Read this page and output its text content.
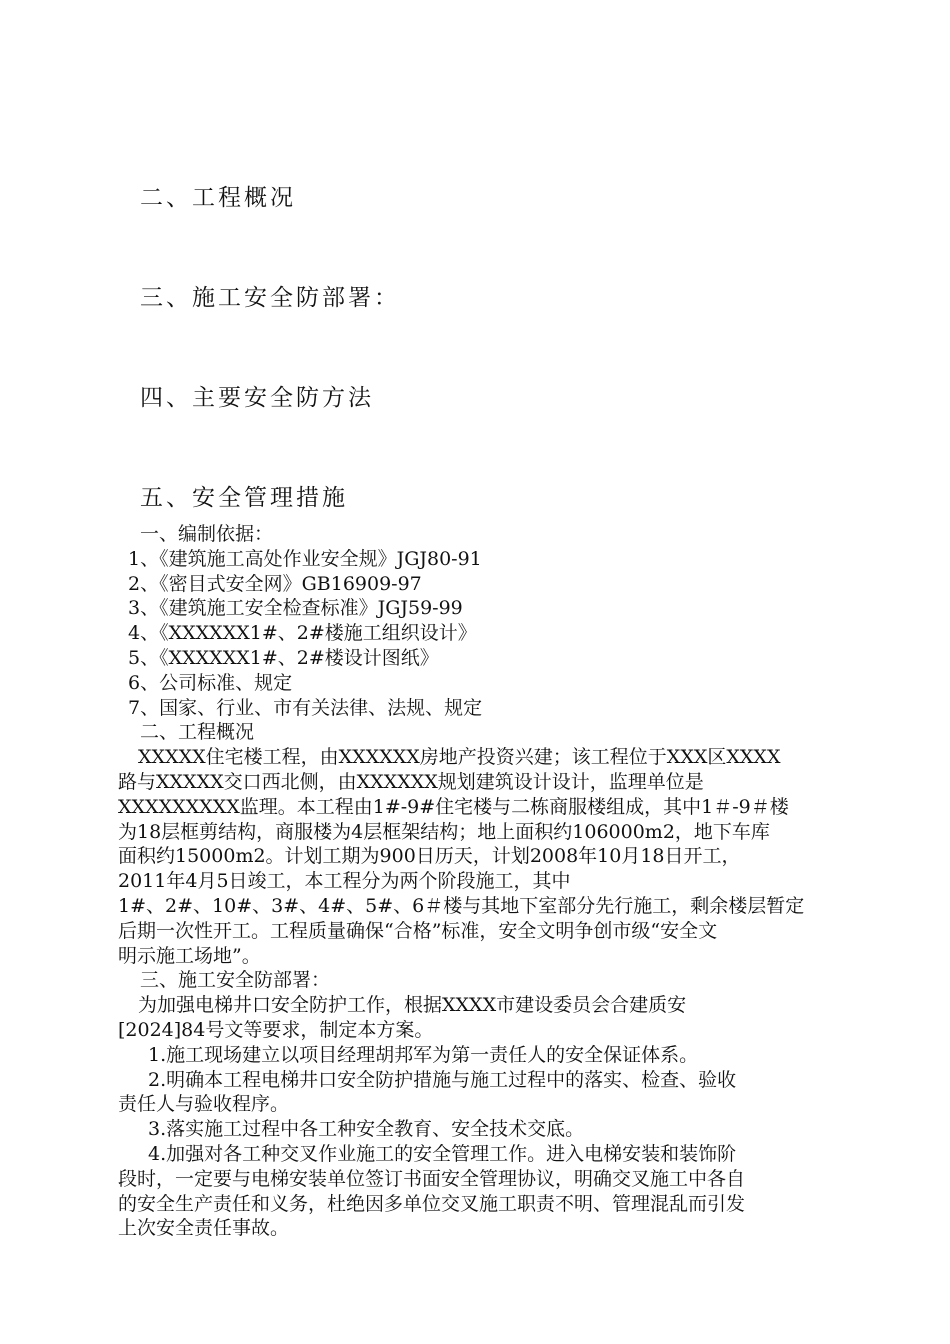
二、工程概况
三、施工安全防部署：
四、主要安全防方法
五、安全管理措施
一、编制依据：
1、《建筑施工高处作业安全规》JGJ80-91
2、《密目式安全网》GB16909-97
3、《建筑施工安全检查标准》JGJ59-99
4、《XXXXXX1#、2#楼施工组织设计》
5、《XXXXXX1#、2#楼设计图纸》
6、公司标准、规定
7、国家、行业、市有关法律、法规、规定
二、工程概况
XXXXX住宅楼工程，由XXXXXX房地产投资兴建；该工程位于XXX区XXXX
路与XXXXX交口西北侧，由XXXXXX规划建筑设计设计，监理单位是
XXXXXXXXX监理。本工程由1#-9#住宅楼与二栋商服楼组成，其中1＃-9＃楼
为18层框剪结构，商服楼为4层框架结构；地上面积约106000m2，地下车库
面积约15000m2。计划工期为900日历天，计划2008年10月18日开工，
2011年4月5日竣工，本工程分为两个阶段施工，其中
1#、2#、10#、3#、4#、5#、6＃楼与其地下室部分先行施工，剩余楼层暂定
后期一次性开工。工程质量确保“合格”标准，安全文明争创市级“安全文
明示施工场地”。
三、施工安全防部署：
为加强电梯井口安全防护工作，根据XXXX市建设委员会合建质安
[2024]84号文等要求，制定本方案。
1.施工现场建立以项目经理胡邦军为第一责任人的安全保证体系。
2.明确本工程电梯井口安全防护措施与施工过程中的落实、检查、验收
责任人与验收程序。
3.落实施工过程中各工种安全教育、安全技术交底。
4.加强对各工种交叉作业施工的安全管理工作。进入电梯安装和装饰阶
段时，一定要与电梯安装单位签订书面安全管理协议，明确交叉施工中各自
的安全生产责任和义务，杜绝因多单位交叉施工职责不明、管理混乱而引发
上次安全责任事故。
